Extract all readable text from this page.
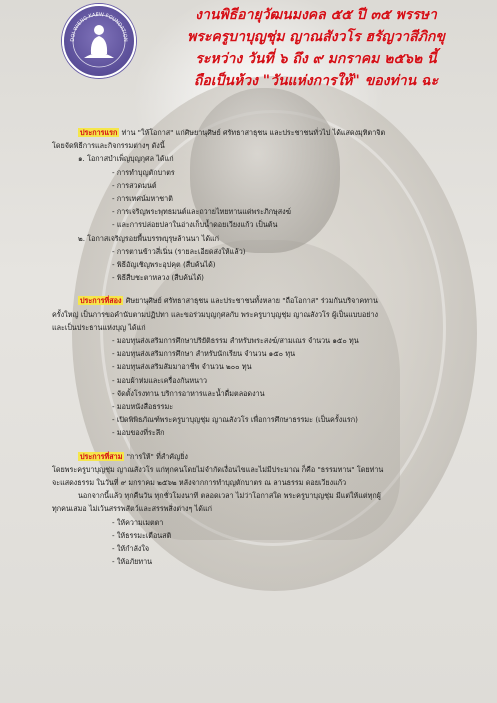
DOI WIENG KAEW FOUNDATION
งานพิธีอายุวัฒนมงคล ๕๕ ปี ๓๕ พรรษา
พระครูบาบุญชุ่ม ญาณสังวโร ฮรัญวาสีภิกขุ
ระหว่าง วันที่ ๖ ถึง ๙ มกราคม ๒๕๖๒ นี้
ถือเป็นห้วง "วันแห่งการให้" ของท่าน ฉะ
ประการแรก ท่าน "ให้โอกาส" แก่ศิษยานุศิษย์ ศรัทธาสาธุชน และประชาชนทั่วไป ได้แสดงมุทิตาจิต
โดยจัดพิธีการและกิจกรรมต่างๆ ดังนี้
๑. โอกาสบำเพ็ญบุญกุศล ได้แก่
- การทำบุญตักบาตร
- การสวดมนต์
- การเทศน์มหาชาติ
- การเจริญพระพุทธมนต์และถวายไทยทานแด่พระภิกษุสงฆ์
- และการปล่อยปลาในอ่างเก็บน้ำดอยเวียงแก้ว เป็นต้น
๒. โอกาสเจริญรอยพื้นบรรพบุรุษล้านนา ได้แก่
- การตานข้าวสี่เนิ่น (รายละเอียดส่งให้แล้ว)
- พิธีอัญเชิญพระอุปคุต (สืบค้นได้)
- พิธีสืบชะตาหลวง (สืบค้นได้)
ประการที่สอง ศิษยานุศิษย์ ศรัทธาสาธุชน และประชาชนทั้งหลาย "ถือโอกาส" ร่วมกันบริจาคทาน
ครั้งใหญ่ เป็นการขอคำนับตามปฏิปทา และขอร่วมบุญกุศลกับ พระครูบาบุญชุ่ม ญาณสังวโร ผู้เป็นแบบอย่าง
และเป็นประธานแห่งบุญ ได้แก่
- มอบทุนส่งเสริมการศึกษาปริยัติธรรม สำหรับพระสงฆ์/สามเณร จำนวน ๑๕๐ ทุน
- มอบทุนส่งเสริมการศึกษา สำหรับนักเรียน จำนวน ๑๕๐ ทุน
- มอบทุนส่งเสริมสัมมาอาชีพ จำนวน ๒๐๐ ทุน
- มอบผ้าห่มและเครื่องกันหนาว
- จัดตั้งโรงทาน บริการอาหารและน้ำดื่มตลอดงาน
- มอบหนังสือธรรมะ
- เปิดพิพิธภัณฑ์พระครูบาบุญชุ่ม ญาณสังวโร เพื่อการศึกษาธรรมะ (เป็นครั้งแรก)
- มอบของที่ระลึก
ประการที่สาม "การให้" ที่สำคัญยิ่ง
โดยพระครูบาบุญชุ่ม ญาณสังวโร แก่ทุกคนโดยไม่จำกัดเงื่อนไขและไม่มีประมาณ ก็คือ "ธรรมทาน" โดยท่าน
จะแสดงธรรม ในวันที่ ๙ มกราคม ๒๕๖๒ หลังจากการทำบุญตักบาตร ณ ลานธรรม ดอยเวียงแก้ว
นอกจากนี้แล้ว ทุกคืนวัน ทุกชั่วโมงนาที ตลอดเวลา ไม่ว่าโอกาสใด พระครูบาบุญชุ่ม มีแต่ให้แต่ทุกผู้
ทุกคนเสมอ ไม่เว้นสรรพสัตว์และสรรพสิ่งต่างๆ ได้แก่
- ให้ความเมตตา
- ให้ธรรมะเตือนสติ
- ให้กำลังใจ
- ให้อภัยทาน
